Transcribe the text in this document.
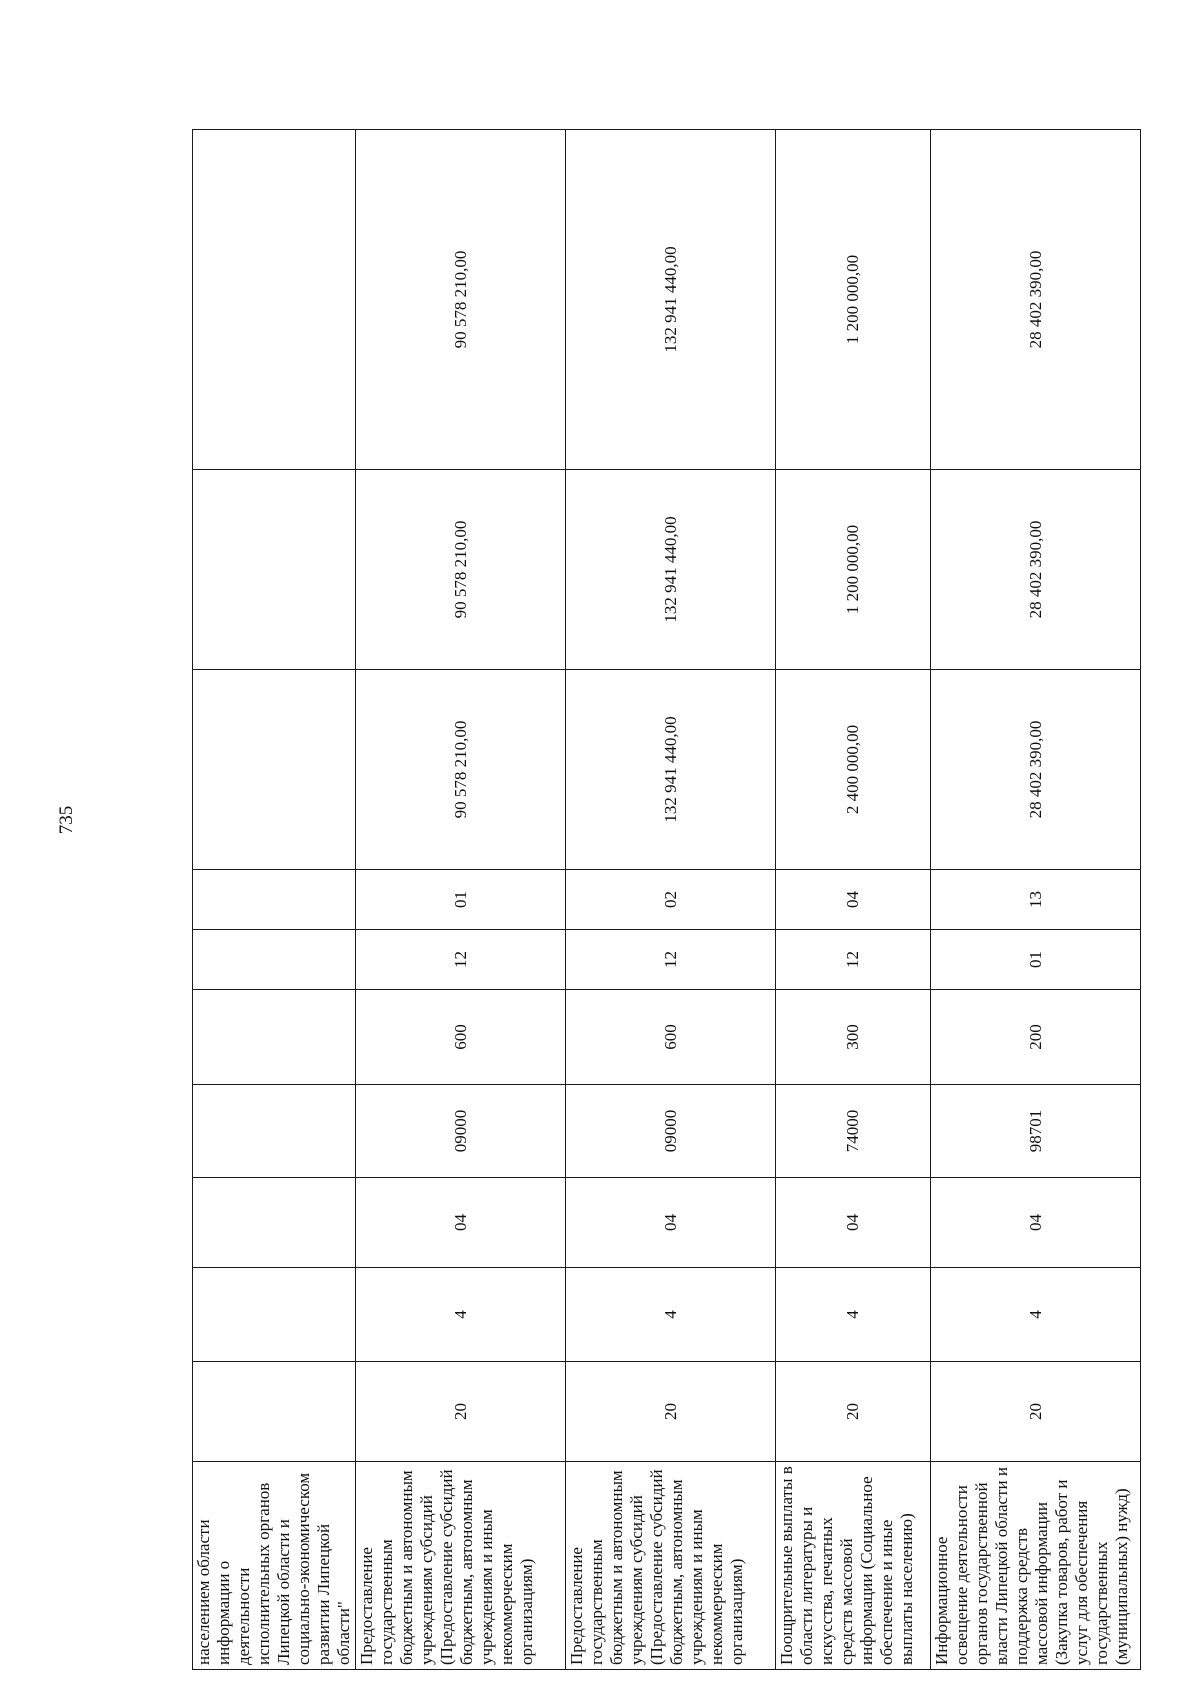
735
населением области информации о деятельности исполнительных органов Липецкой области и социально-экономическом развитии Липецкой области"										
Предоставление государственным бюджетным и автономным учреждениям субсидий (Предоставление субсидий бюджетным, автономным учреждениям и иным некоммерческим организациям)	20	4	04	09000	600	12	01	90 578 210,00	90 578 210,00	90 578 210,00
Предоставление государственным бюджетным и автономным учреждениям субсидий (Предоставление субсидий бюджетным, автономным учреждениям и иным некоммерческим организациям)	20	4	04	09000	600	12	02	132 941 440,00	132 941 440,00	132 941 440,00
Поощрительные выплаты в области литературы и искусства, печатных средств массовой информации (Социальное обеспечение и иные выплаты населению)	20	4	04	74000	300	12	04	2 400 000,00	1 200 000,00	1 200 000,00
Информационное освещение деятельности органов государственной власти Липецкой области и поддержка средств массовой информации (Закупка товаров, работ и услуг для обеспечения государственных (муниципальных) нужд)	20	4	04	98701	200	01	13	28 402 390,00	28 402 390,00	28 402 390,00
